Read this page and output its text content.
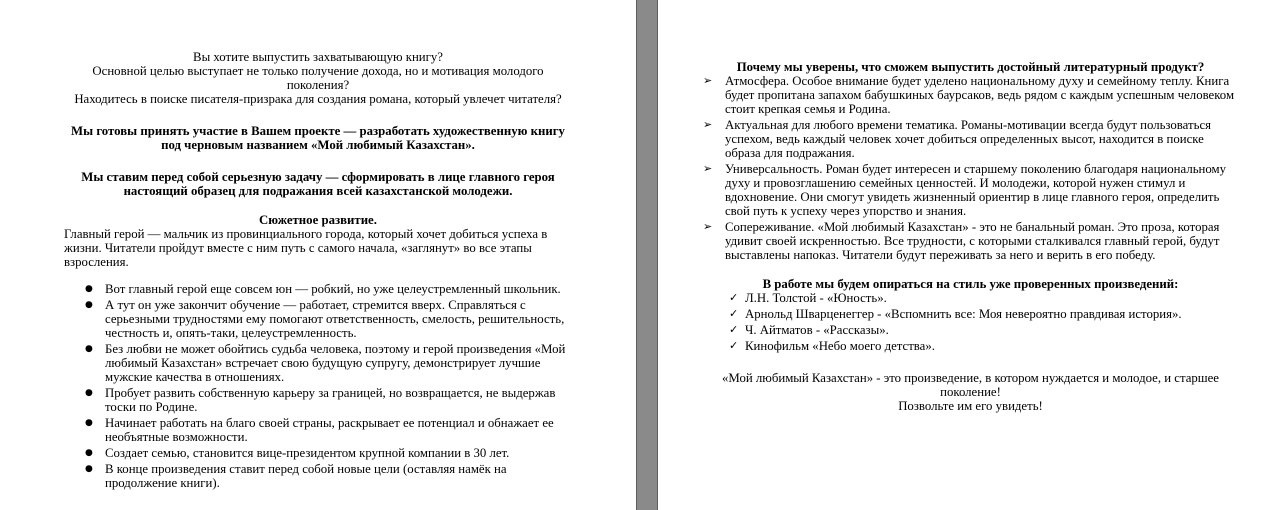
Вы хотите выпустить захватывающую книгу?

Основной целью выступает не только получение дохода, но и мотивация молодого поколения?

Находитесь в поиске писателя-призрака для создания романа, который увлечет читателя?

Мы готовы принять участие в Вашем проекте — разработать художественную книгу под черновым названием «Мой любимый Казахстан».

Мы ставим перед собой серьезную задачу — сформировать в лице главного героя настоящий образец для подражания всей казахстанской молодежи.

Сюжетное развитие.

Главный герой — мальчик из провинциального города, который хочет добиться успеха в жизни. Читатели пройдут вместе с ним путь с самого начала, «заглянут» во все этапы взросления.

● Вот главный герой еще совсем юн — робкий, но уже целеустремленный школьник.
● А тут он уже закончит обучение — работает, стремится вверх. Справляться с серьезными трудностями ему помогают ответственность, смелость, решительность, честность и, опять-таки, целеустремленность.
● Без любви не может обойтись судьба человека, поэтому и герой произведения «Мой любимый Казахстан» встречает свою будущую супругу, демонстрирует лучшие мужские качества в отношениях.
● Пробует развить собственную карьеру за границей, но возвращается, не выдержав тоски по Родине.
● Начинает работать на благо своей страны, раскрывает ее потенциал и обнажает ее необъятные возможности.
● Создает семью, становится вице-президентом крупной компании в 30 лет.
● В конце произведения ставит перед собой новые цели (оставляя намёк на продолжение книги).

Почему мы уверены, что сможем выпустить достойный литературный продукт?

➢ Атмосфера. Особое внимание будет уделено национальному духу и семейному теплу. Книга будет пропитана запахом бабушкиных баурсаков, ведь рядом с каждым успешным человеком стоит крепкая семья и Родина.
➢ Актуальная для любого времени тематика. Романы-мотивации всегда будут пользоваться успехом, ведь каждый человек хочет добиться определенных высот, находится в поиске образа для подражания.
➢ Универсальность. Роман будет интересен и старшему поколению благодаря национальному духу и провозглашению семейных ценностей. И молодежи, которой нужен стимул и вдохновение. Они смогут увидеть жизненный ориентир в лице главного героя, определить свой путь к успеху через упорство и знания.
➢ Сопереживание. «Мой любимый Казахстан» - это не банальный роман. Это проза, которая удивит своей искренностью. Все трудности, с которыми сталкивался главный герой, будут выставлены напоказ. Читатели будут переживать за него и верить в его победу.

В работе мы будем опираться на стиль уже проверенных произведений:

✓ Л.Н. Толстой - «Юность».
✓ Арнольд Шварценеггер - «Вспомнить все: Моя невероятно правдивая история».
✓ Ч. Айтматов - «Рассказы».
✓ Кинофильм «Небо моего детства».

«Мой любимый Казахстан» - это произведение, в котором нуждается и молодое, и старшее поколение!

Позвольте им его увидеть!
